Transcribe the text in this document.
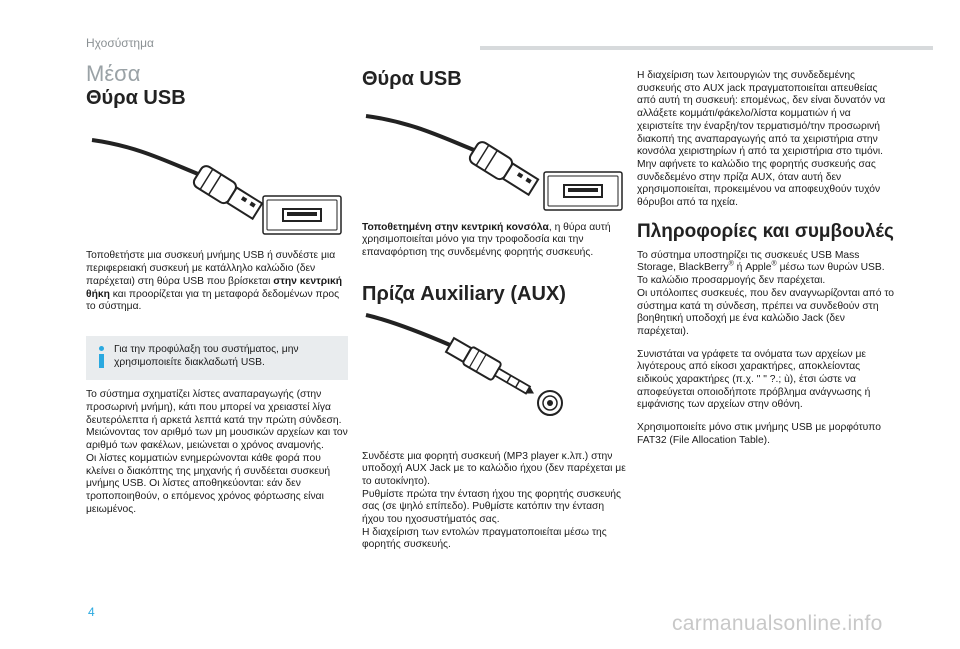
Ηχοσύστημα
Μέσα
Θύρα USB

Τοποθετήστε μια συσκευή μνήμης USB ή συνδέστε μια περιφερειακή συσκευή με κατάλληλο καλώδιο (δεν παρέχεται) στη θύρα USB που βρίσκεται στην κεντρική θήκη και προορίζεται για τη μεταφορά δεδομένων προς το σύστημα.

Για την προφύλαξη του συστήματος, μην χρησιμοποιείτε διακλαδωτή USB.

Το σύστημα σχηματίζει λίστες αναπαραγωγής (στην προσωρινή μνήμη), κάτι που μπορεί να χρειαστεί λίγα δευτερόλεπτα ή αρκετά λεπτά κατά την πρώτη σύνδεση.

Μειώνοντας τον αριθμό των μη μουσικών αρχείων και τον αριθμό των φακέλων, μειώνεται ο χρόνος αναμονής.

Οι λίστες κομματιών ενημερώνονται κάθε φορά που κλείνει ο διακόπτης της μηχανής ή συνδέεται συσκευή μνήμης USB. Οι λίστες αποθηκεύονται: εάν δεν τροποποιηθούν, ο επόμενος χρόνος φόρτωσης είναι μειωμένος.

Θύρα USB

Τοποθετημένη στην κεντρική κονσόλα, η θύρα αυτή χρησιμοποιείται μόνο για την τροφοδοσία και την επαναφόρτιση της συνδεμένης φορητής συσκευής.

Πρίζα Auxiliary (AUX)

Συνδέστε μια φορητή συσκευή (MP3 player κ.λπ.) στην υποδοχή AUX Jack με το καλώδιο ήχου (δεν παρέχεται με το αυτοκίνητο).

Ρυθμίστε πρώτα την ένταση ήχου της φορητής συσκευής σας (σε ψηλό επίπεδο). Ρυθμίστε κατόπιν την ένταση ήχου του ηχοσυστήματός σας.

Η διαχείριση των εντολών πραγματοποιείται μέσω της φορητής συσκευής.

Η διαχείριση των λειτουργιών της συνδεδεμένης συσκευής στο AUX jack πραγματοποιείται απευθείας από αυτή τη συσκευή: επομένως, δεν είναι δυνατόν να αλλάξετε κομμάτι/φάκελο/λίστα κομματιών ή να χειριστείτε την έναρξη/τον τερματισμό/την προσωρινή διακοπή της αναπαραγωγής από τα χειριστήρια στην κονσόλα χειριστηρίων ή από τα χειριστήρια στο τιμόνι.

Μην αφήνετε το καλώδιο της φορητής συσκευής σας συνδεδεμένο στην πρίζα AUX, όταν αυτή δεν χρησιμοποιείται, προκειμένου να αποφευχθούν τυχόν θόρυβοι από τα ηχεία.

Πληροφορίες και συμβουλές

Το σύστημα υποστηρίζει τις συσκευές USB Mass Storage, BlackBerry® ή Apple® μέσω των θυρών USB.

Το καλώδιο προσαρμογής δεν παρέχεται.

Οι υπόλοιπες συσκευές, που δεν αναγνωρίζονται από το σύστημα κατά τη σύνδεση, πρέπει να συνδεθούν στη βοηθητική υποδοχή με ένα καλώδιο Jack (δεν παρέχεται).

Συνιστάται να γράφετε τα ονόματα των αρχείων με λιγότερους από είκοσι χαρακτήρες, αποκλείοντας ειδικούς χαρακτήρες (π.χ. " " ?.; ù), έτσι ώστε να αποφεύγεται οποιοδήποτε πρόβλημα ανάγνωσης ή εμφάνισης των αρχείων στην οθόνη.

Χρησιμοποιείτε μόνο στικ μνήμης USB με μορφότυπο FAT32 (File Allocation Table).

4	carmanualsonline.info
